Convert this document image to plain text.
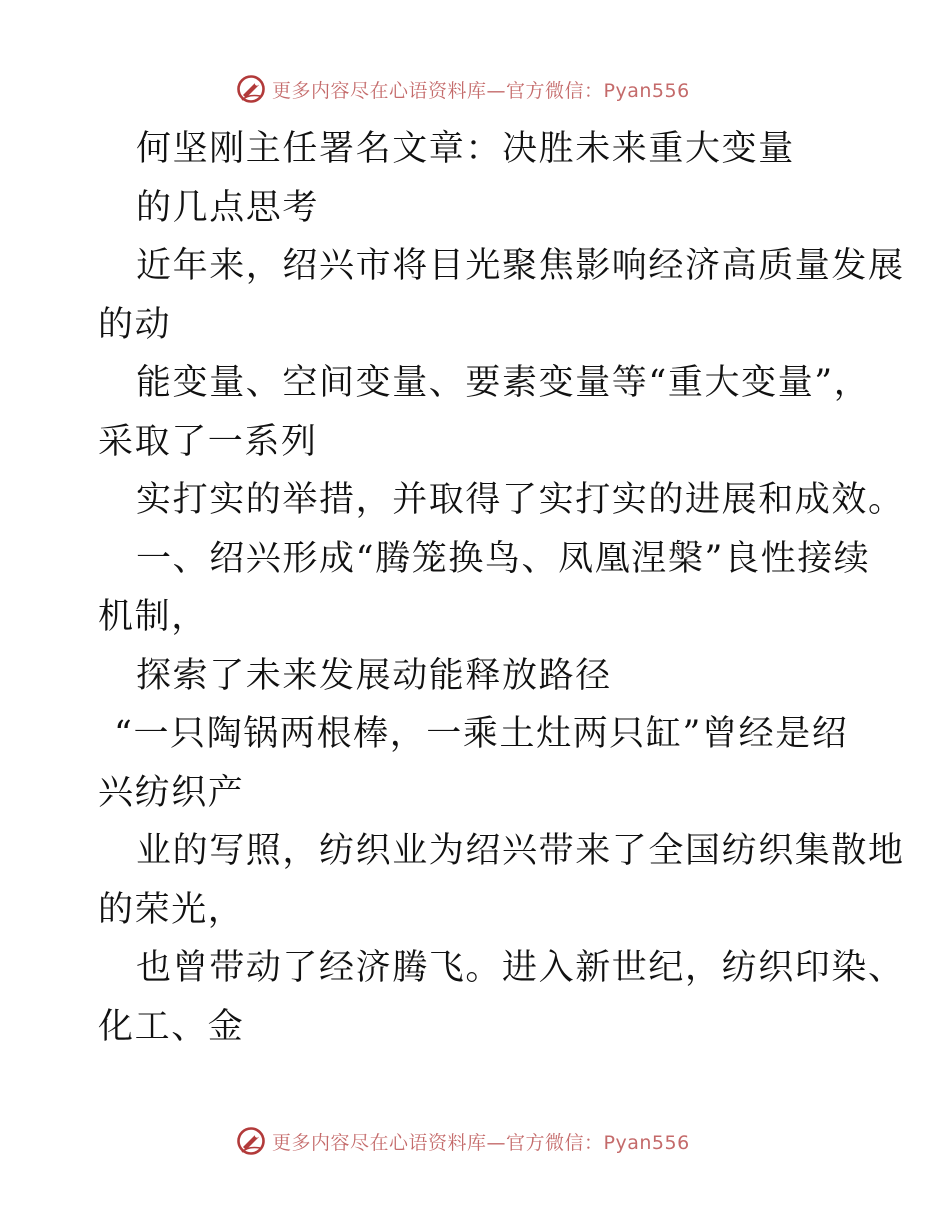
更多内容尽在心语资料库—官方微信：Pyan556
何坚刚主任署名文章：决胜未来重大变量
的几点思考
近年来，绍兴市将目光聚焦影响经济高质量发展
的动
能变量、空间变量、要素变量等“重大变量”，
采取了一系列
实打实的举措，并取得了实打实的进展和成效。
一、绍兴形成“腾笼换鸟、凤凰涅槃”良性接续
机制，
探索了未来发展动能释放路径
“一只陶锅两根棒，一乘土灶两只缸”曾经是绍
兴纺织产
业的写照，纺织业为绍兴带来了全国纺织集散地
的荣光，
也曾带动了经济腾飞。进入新世纪，纺织印染、
化工、金
更多内容尽在心语资料库—官方微信：Pyan556
